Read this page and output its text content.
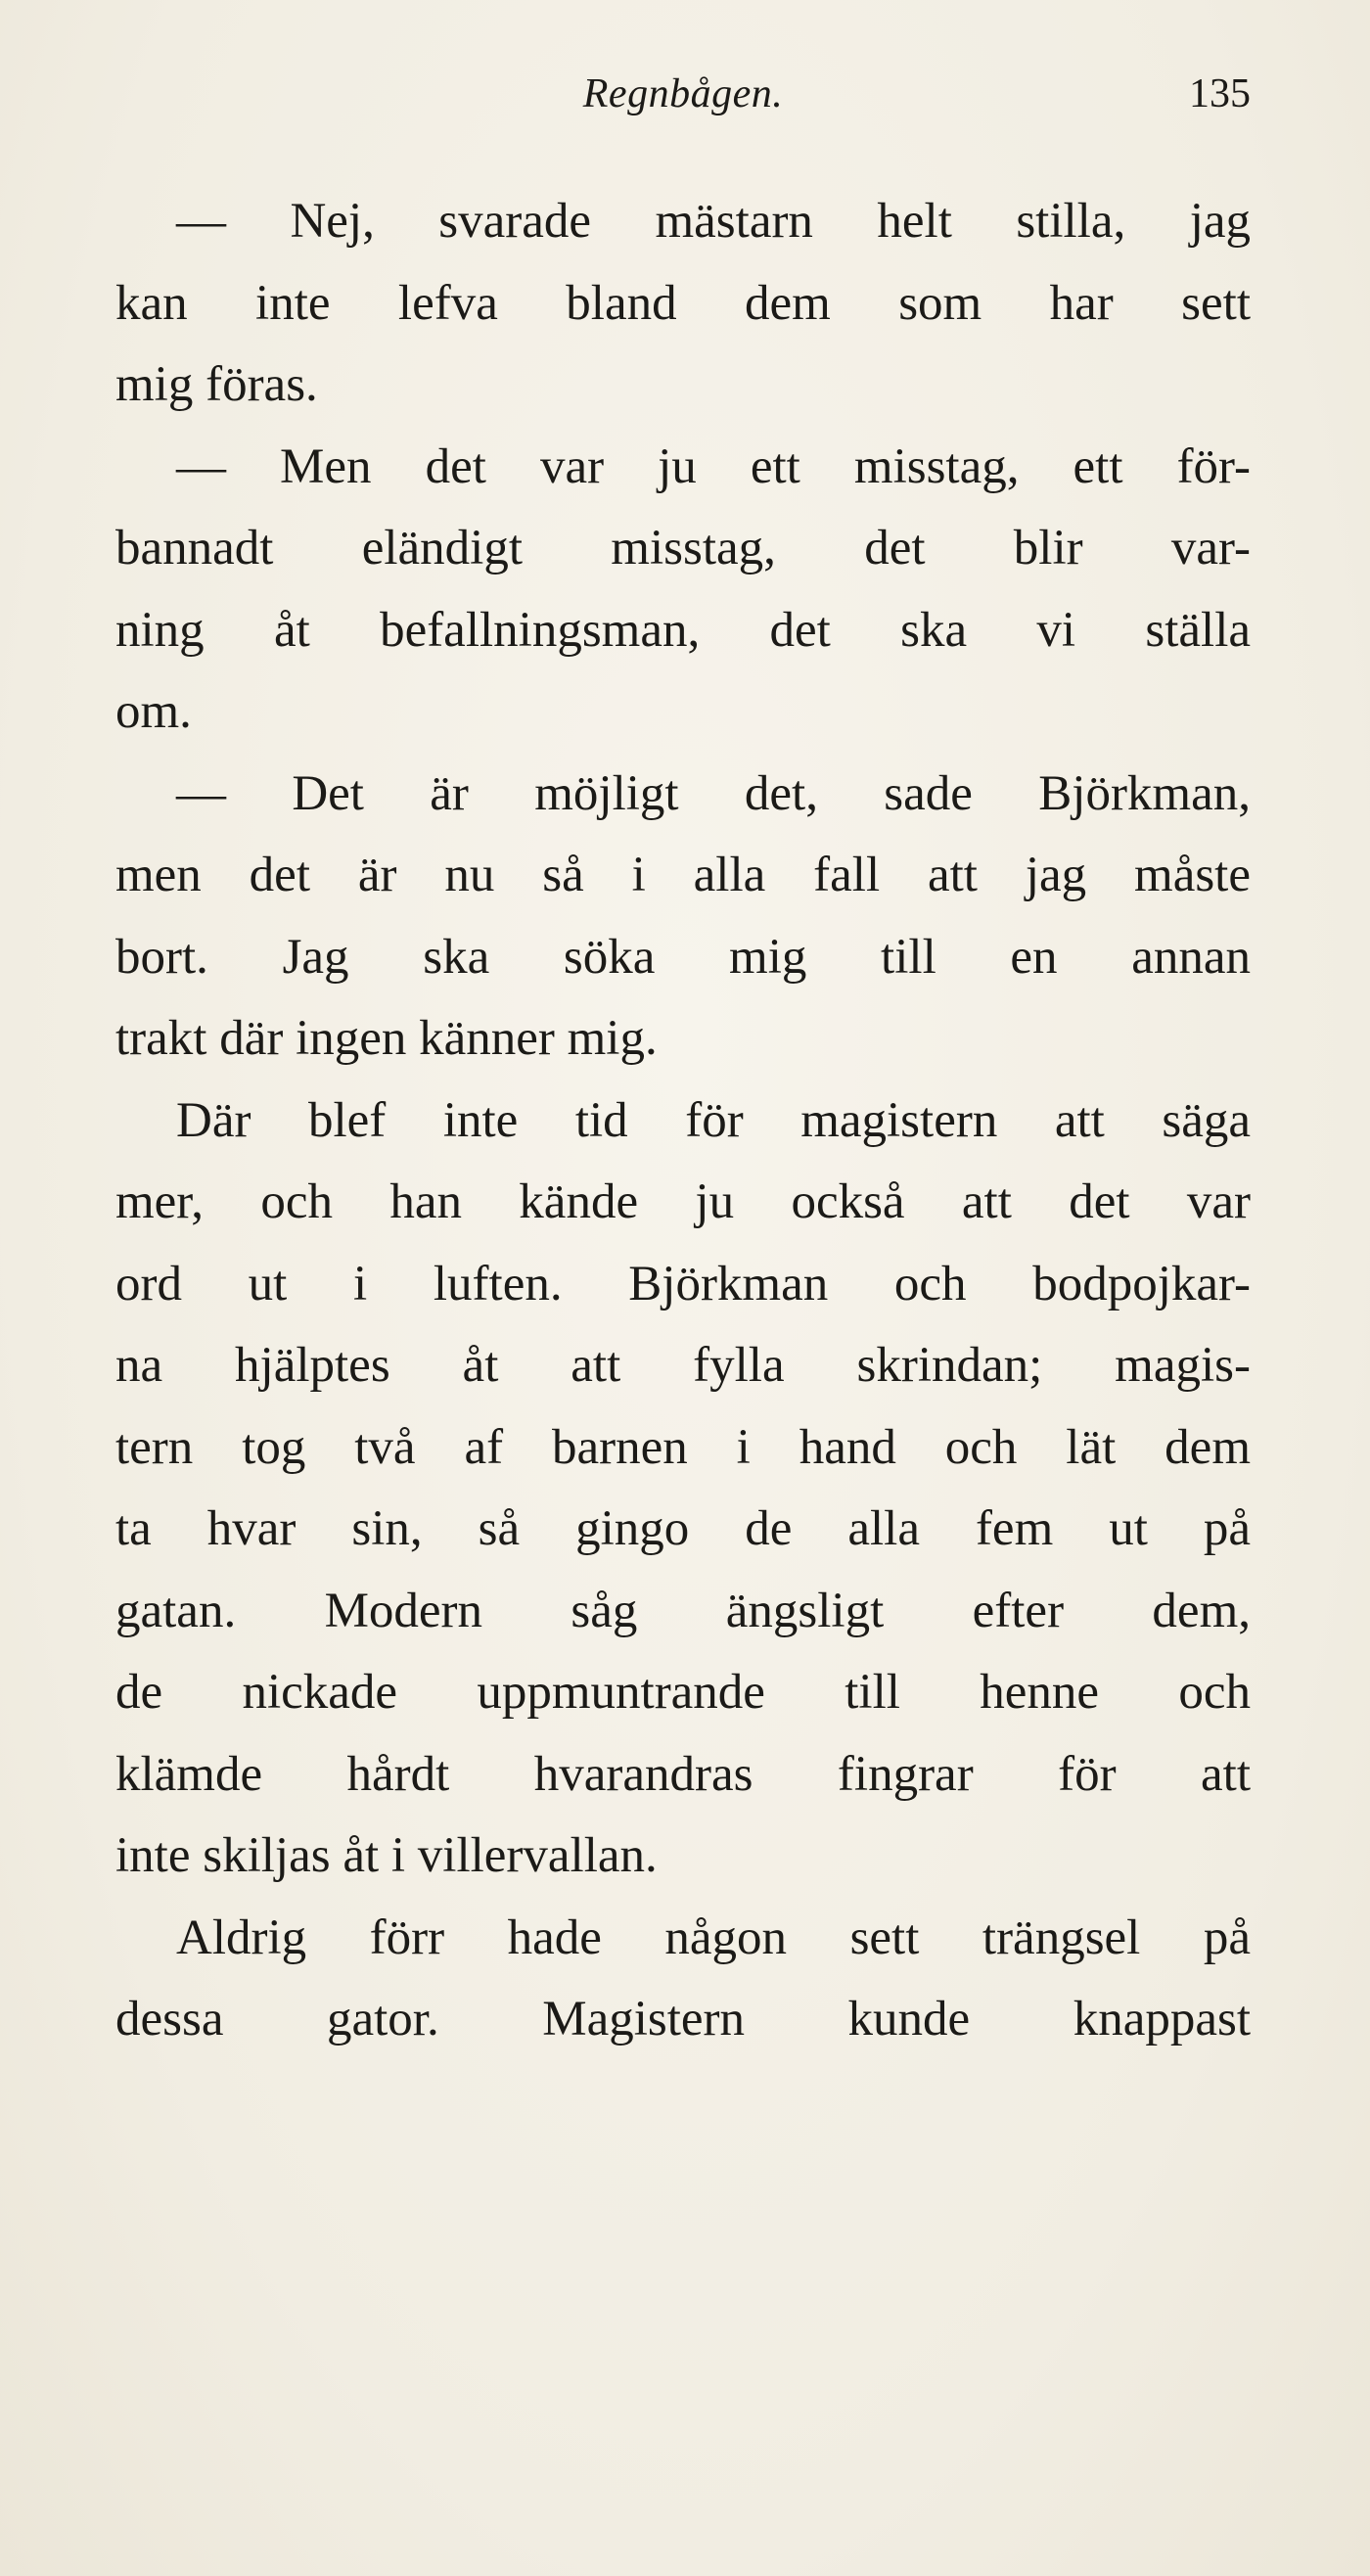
Regnbågen.	135
— Nej, svarade mästarn helt stilla, jag
kan inte lefva bland dem som har sett
mig föras.
— Men det var ju ett misstag, ett för-
bannadt eländigt misstag, det blir var-
ning åt befallningsman, det ska vi ställa
om.
— Det är möjligt det, sade Björkman,
men det är nu så i alla fall att jag måste
bort. Jag ska söka mig till en annan
trakt där ingen känner mig.
Där blef inte tid för magistern att säga
mer, och han kände ju också att det var
ord ut i luften. Björkman och bodpojkar-
na hjälptes åt att fylla skrindan; magis-
tern tog två af barnen i hand och lät dem
ta hvar sin, så gingo de alla fem ut på
gatan. Modern såg ängsligt efter dem,
de nickade uppmuntrande till henne och
klämde hårdt hvarandras fingrar för att
inte skiljas åt i villervallan.
Aldrig förr hade någon sett trängsel på
dessa gator. Magistern kunde knappast
